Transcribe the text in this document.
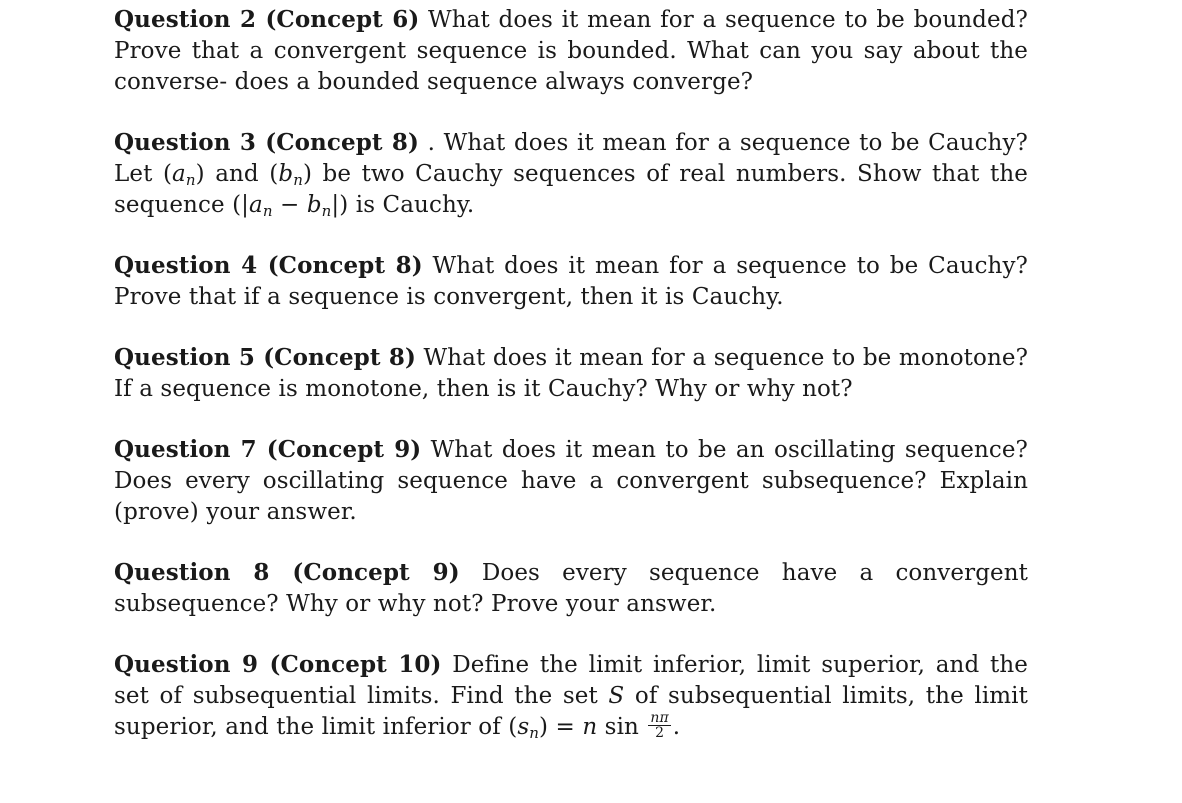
Question 2 (Concept 6) What does it mean for a sequence to be bounded? Prove that a convergent sequence is bounded. What can you say about the converse- does a bounded sequence always converge?

Question 3 (Concept 8) . What does it mean for a sequence to be Cauchy? Let $(a_n)$ and $(b_n)$ be two Cauchy sequences of real numbers. Show that the sequence $(|a_n - b_n|)$ is Cauchy.

Question 4 (Concept 8) What does it mean for a sequence to be Cauchy?Prove that if a sequence is convergent, then it is Cauchy.

Question 5 (Concept 8) What does it mean for a sequence to be monotone?If a sequence is monotone, then is it Cauchy? Why or why not?

Question 7 (Concept 9) What does it mean to be an oscillating sequence? Does every oscillating sequence have a convergent subsequence? Explain (prove) your answer.

Question 8 (Concept 9) Does every sequence have a convergent subsequence? Why or why not? Prove your answer.

Question 9 (Concept 10) Define the limit inferior, limit superior, and the set of subsequential limits. Find the set S of subsequential limits, the limit superior, and the limit inferior of $(s_n) = n$ $\sin \frac{n\pi}{2}$ .
